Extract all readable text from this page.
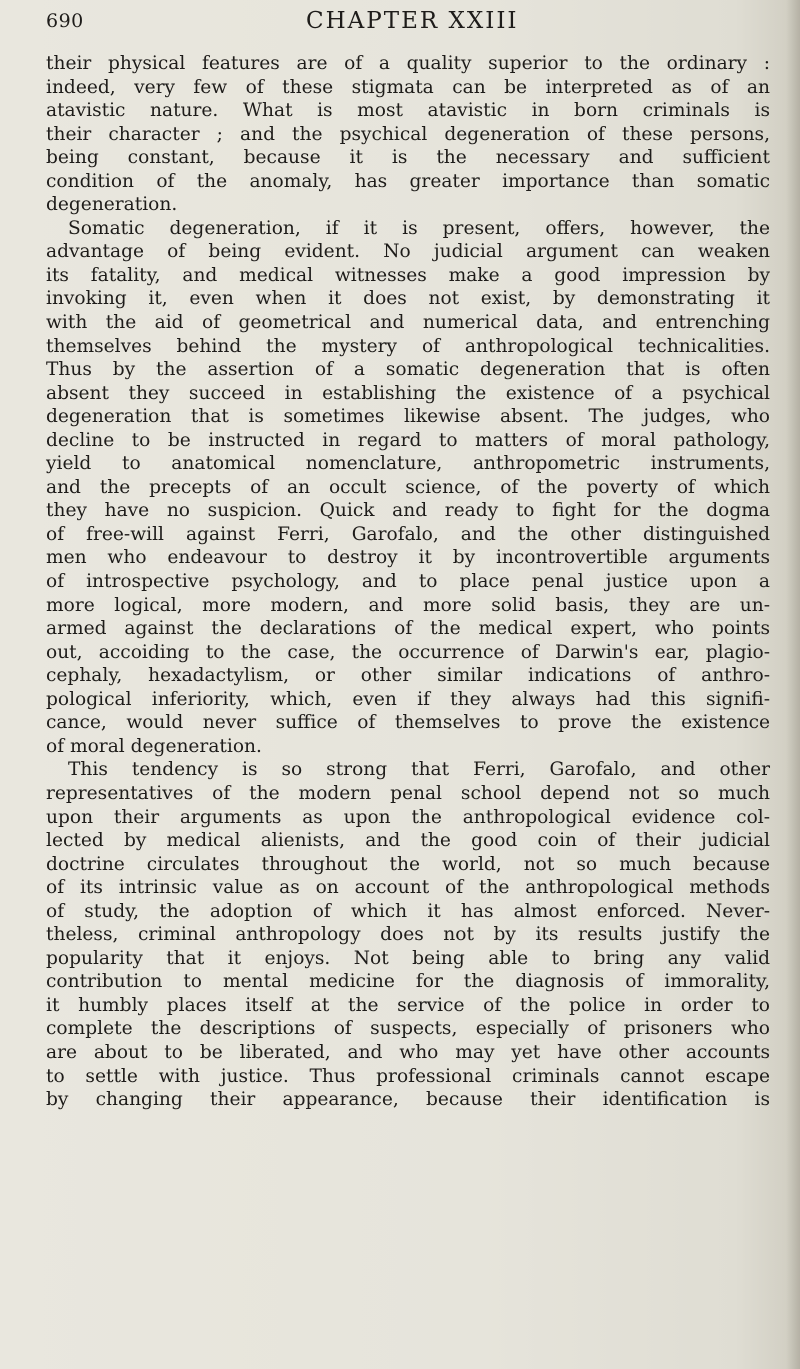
690	CHAPTER XXIII
their physical features are of a quality superior to the ordinary :
indeed, very few of these stigmata can be interpreted as of an
atavistic nature. What is most atavistic in born criminals is
their character ; and the psychical degeneration of these persons,
being constant, because it is the necessary and sufficient
condition of the anomaly, has greater importance than somatic
degeneration.
Somatic degeneration, if it is present, offers, however, the
advantage of being evident. No judicial argument can weaken
its fatality, and medical witnesses make a good impression by
invoking it, even when it does not exist, by demonstrating it
with the aid of geometrical and numerical data, and entrenching
themselves behind the mystery of anthropological technicalities.
Thus by the assertion of a somatic degeneration that is often
absent they succeed in establishing the existence of a psychical
degeneration that is sometimes likewise absent. The judges, who
decline to be instructed in regard to matters of moral pathology,
yield to anatomical nomenclature, anthropometric instruments,
and the precepts of an occult science, of the poverty of which
they have no suspicion. Quick and ready to fight for the dogma
of free-will against Ferri, Garofalo, and the other distinguished
men who endeavour to destroy it by incontrovertible arguments
of introspective psychology, and to place penal justice upon a
more logical, more modern, and more solid basis, they are un-
armed against the declarations of the medical expert, who points
out, accoiding to the case, the occurrence of Darwin's ear, plagio-
cephaly, hexadactylism, or other similar indications of anthro-
pological inferiority, which, even if they always had this signifi-
cance, would never suffice of themselves to prove the existence
of moral degeneration.
This tendency is so strong that Ferri, Garofalo, and other
representatives of the modern penal school depend not so much
upon their arguments as upon the anthropological evidence col-
lected by medical alienists, and the good coin of their judicial
doctrine circulates throughout the world, not so much because
of its intrinsic value as on account of the anthropological methods
of study, the adoption of which it has almost enforced. Never-
theless, criminal anthropology does not by its results justify the
popularity that it enjoys. Not being able to bring any valid
contribution to mental medicine for the diagnosis of immorality,
it humbly places itself at the service of the police in order to
complete the descriptions of suspects, especially of prisoners who
are about to be liberated, and who may yet have other accounts
to settle with justice. Thus professional criminals cannot escape
by changing their appearance, because their identification is
